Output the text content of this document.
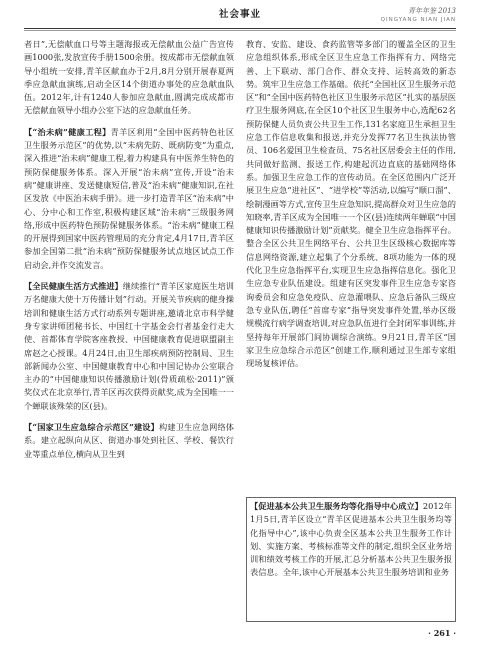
社会事业	青年年鉴 2013
QINGYANG NIAN JIAN

者日”,无偿献血口号等主题海报或无偿献血公益广告宣传画1000张,发放宣传手册1500余册。按成都市无偿献血领导小组统一安排,青羊区献血办于2月,8月分别开展春夏两季应急献血演练,启动全区14个街道办事处的应急献血队伍。2012年,计有1240人参加应急献血,圆满完成成都市无偿献血领导小组办公室下达的应急献血任务。

【“治未病”健康工程】青羊区利用“全国中医药特色社区卫生服务示范区”的优势,以“未病先防、既病防变”为重点,深入推进“治未病”健康工程,着力构建具有中医养生特色的预防保健服务体系。深入开展“治未病”宣传,开设“治未病”健康讲座、发送健康短信,普及“治未病”健康知识,在社区发放《中医治未病手册》。进一步打造青羊区“治未病”中心、分中心和工作室,积极构建区域“治未病”三级服务网络,形成中医药特色预防保健服务体系。“治未病”健康工程的开展得到国家中医药管理局的充分肯定,4月17日,青羊区参加全国第二批“治未病”预防保健服务试点地区试点工作启动会,并作交流发言。

【全民健康生活方式推进】继续推行“青羊区家庭医生培训万名健康大使十万传播计划”行动。开展关节疾病的健身操培训和健康生活方式行动系列专题讲座,邀请北京市科学健身专家讲师团秘书长、中国红十字基金会行者基金行走大使、首都体育学院客座教授、中国健康教育促进联盟副主席赵之心授课。4月24日,由卫生部疾病预防控制局、卫生部新闻办公室、中国健康教育中心和中国记协办公室联合主办的“中国健康知识传播激励计划(骨质疏松·2011)”颁奖仪式在北京举行,青羊区再次获得贡献奖,成为全国唯一一个蝉联该殊荣的区(县)。

【“国家卫生应急综合示范区”建设】构建卫生应急网络体系。建立起纵向从区、街道办事处到社区、学校、餐饮行业等重点单位,横向从卫生到

教育、安监、建设、食药监管等多部门的覆盖全区的卫生应急组织体系,形成全区卫生应急工作指挥有力、网络完善、上下联动、部门合作、群众支持、运转高效的新态势。筑牢卫生应急工作基础。依托“全国社区卫生服务示范区”和“全国中医药特色社区卫生服务示范区”扎实的基层医疗卫生服务网底,在全区10个社区卫生服务中心,选配62名预防保健人员负责公共卫生工作,131名家庭卫生承担卫生应急工作信息收集和报送,并充分发挥77名卫生执法协管员、106名爱国卫生检查员、75名社区居委会主任的作用,共同做好监测、报送工作,构建起沉边直底的基础网络体系。加强卫生应急工作的宣传动员。在全区范围内广泛开展卫生应急“进社区”、“进学校”等活动,以编写“顺口溜”、绘制漫画等方式,宣传卫生应急知识,提高群众对卫生应急的知晓率,青羊区成为全国唯一一个区(县)连续两年蝉联“中国健康知识传播激励计划”贡献奖。健全卫生应急指挥平台。整合全区公共卫生网络平台、公共卫生区级核心数据库等信息网络资源,建立起集了个分系统、8项功能为一体的现代化卫生应急指挥平台,实现卫生应急指挥信息化。强化卫生应急专业队伍建设。组建有区突发事件卫生应急专家咨询委员会和应急免疫队、应急灌喂队、应急后备队三级应急专业队伍,聘任“首席专家”指导突发事件处置,举办区级规模流行病学调查培训,对应急队伍进行全封闭军事训练,并坚持每年开展部门间协调综合演练。9月21日,青羊区“国家卫生应急综合示范区”创建工作,顺利通过卫生部专家组现场复核评估。

【促进基本公共卫生服务均等化指导中心成立】2012年1月5日,青羊区设立“青羊区促进基本公共卫生服务均等化指导中心”,该中心负责全区基本公共卫生服务工作计划、实施方案、考核标准等文件的制定,组织全区业务培训和绩效考核工作的开展,汇总分析基本公共卫生服务报表信息。全年,该中心开展基本公共卫生服务培训和业务

· 261 ·
